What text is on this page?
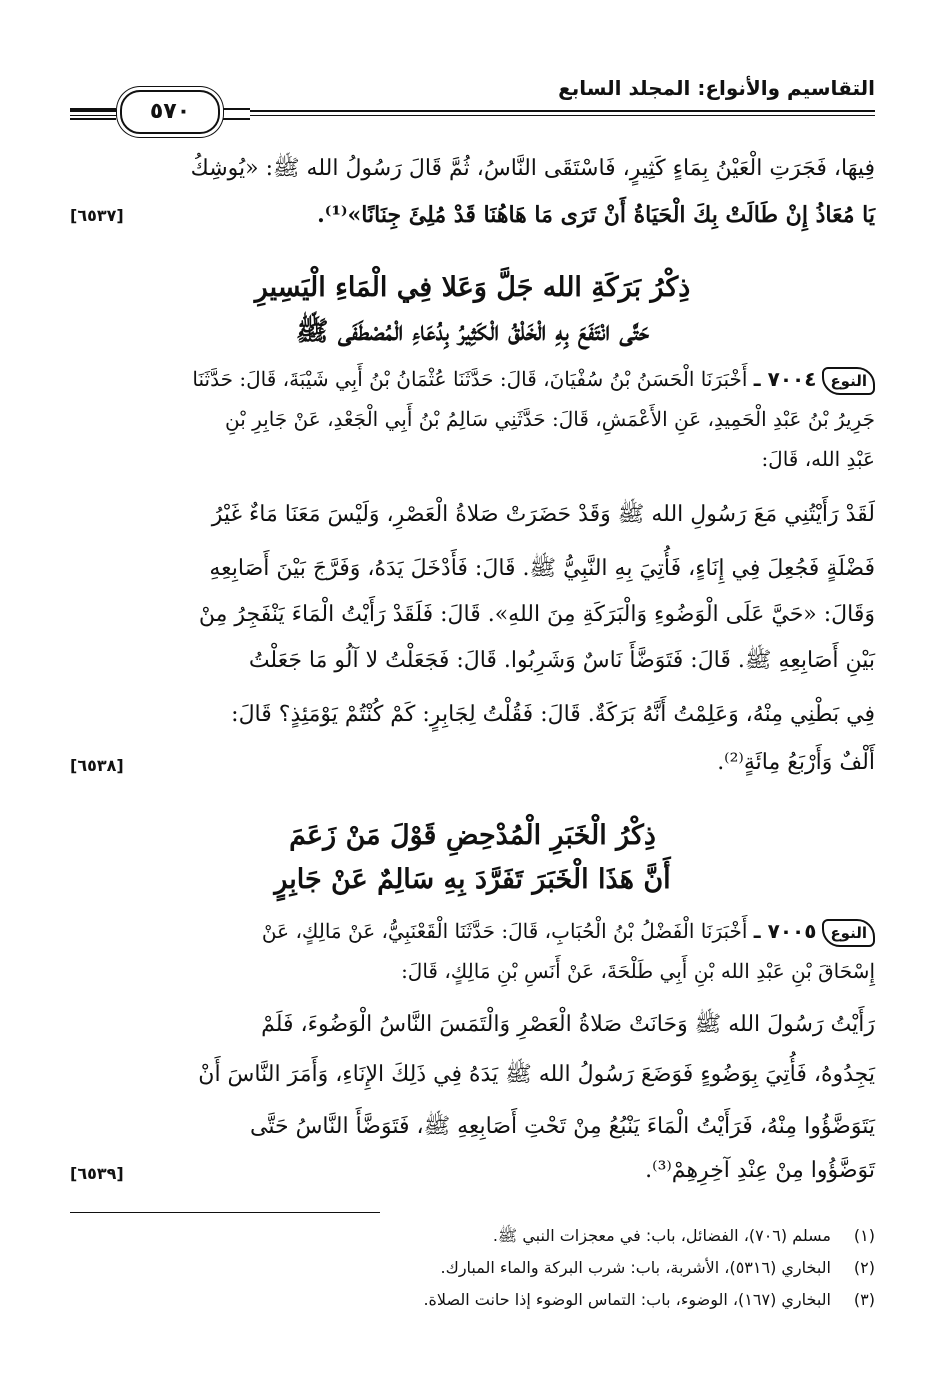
٥٧٠
التقاسيم والأنواع: المجلد السابع
فِيهَا، فَجَرَتِ الْعَيْنُ بِمَاءٍ كَثِيرٍ، فَاسْتَقَى النَّاسُ، ثُمَّ قَالَ رَسُولُ الله ﷺ: «يُوشِكُ
يَا مُعَاذُ إِنْ طَالَتْ بِكَ الْحَيَاةُ أَنْ تَرَى مَا هَاهُنَا قَدْ مُلِئَ جِنَانًا»⁽¹⁾.
[٦٥٣٧]
ذِكْرُ بَرَكَةِ الله جَلَّ وَعَلا فِي الْمَاءِ الْيَسِيرِ
حَتَّى انْتَفَعَ بِهِ الْخَلْقُ الْكَثِيرُ بِدُعَاءِ الْمُصْطَفَى ﷺ
النوع٧٠٠٤ ـ أَخْبَرَنَا الْحَسَنُ بْنُ سُفْيَانَ، قَالَ: حَدَّثَنَا عُثْمَانُ بْنُ أَبِي شَيْبَةَ، قَالَ: حَدَّثَنَا
جَرِيرُ بْنُ عَبْدِ الْحَمِيدِ، عَنِ الأَعْمَشِ، قَالَ: حَدَّثَنِي سَالِمُ بْنُ أَبِي الْجَعْدِ، عَنْ جَابِرِ بْنِ
عَبْدِ الله، قَالَ:
لَقَدْ رَأَيْتُنِي مَعَ رَسُولِ الله ﷺ وَقَدْ حَضَرَتْ صَلاةُ الْعَصْرِ، وَلَيْسَ مَعَنَا مَاءٌ غَيْرُ
فَضْلَةٍ فَجُعِلَ فِي إِنَاءٍ، فَأُتِيَ بِهِ النَّبِيُّ ﷺ. قَالَ: فَأَدْخَلَ يَدَهُ، وَفَرَّجَ بَيْنَ أَصَابِعِهِ
وَقَالَ: «حَيَّ عَلَى الْوَضُوءِ وَالْبَرَكَةِ مِنَ اللهِ». قَالَ: فَلَقَدْ رَأَيْتُ الْمَاءَ يَنْفَجِرُ مِنْ
بَيْنِ أَصَابِعِهِ ﷺ. قَالَ: فَتَوَضَّأَ نَاسٌ وَشَرِبُوا. قَالَ: فَجَعَلْتُ لا آلُو مَا جَعَلْتُ
فِي بَطْنِي مِنْهُ، وَعَلِمْتُ أَنَّهُ بَرَكَةٌ. قَالَ: فَقُلْتُ لِجَابِرٍ: كَمْ كُنْتُمْ يَوْمَئِذٍ؟ قَالَ:
أَلْفٌ وَأَرْبَعُ مِائَةٍ⁽²⁾.
[٦٥٣٨]
ذِكْرُ الْخَبَرِ الْمُدْحِضِ قَوْلَ مَنْ زَعَمَ
أَنَّ هَذَا الْخَبَرَ تَفَرَّدَ بِهِ سَالِمٌ عَنْ جَابِرٍ
النوع٧٠٠٥ ـ أَخْبَرَنَا الْفَضْلُ بْنُ الْحُبَابِ، قَالَ: حَدَّثَنَا الْقَعْنَبِيُّ، عَنْ مَالِكٍ، عَنْ
إِسْحَاقَ بْنِ عَبْدِ الله بْنِ أَبِي طَلْحَةَ، عَنْ أَنَسِ بْنِ مَالِكٍ، قَالَ:
رَأَيْتُ رَسُولَ الله ﷺ وَحَانَتْ صَلاةُ الْعَصْرِ وَالْتَمَسَ النَّاسُ الْوَضُوءَ، فَلَمْ
يَجِدُوهُ، فَأُتِيَ بِوَضُوءٍ فَوَضَعَ رَسُولُ الله ﷺ يَدَهُ فِي ذَلِكَ الإِنَاءِ، وَأَمَرَ النَّاسَ أَنْ
يَتَوَضَّؤُوا مِنْهُ، فَرَأَيْتُ الْمَاءَ يَنْبُعُ مِنْ تَحْتِ أَصَابِعِهِ ﷺ، فَتَوَضَّأَ النَّاسُ حَتَّى
تَوَضَّؤُوا مِنْ عِنْدِ آخِرِهِمْ⁽³⁾.
[٦٥٣٩]
(١)مسلم (٧٠٦)، الفضائل، باب: في معجزات النبي ﷺ.
(٢)البخاري (٥٣١٦)، الأشربة، باب: شرب البركة والماء المبارك.
(٣)البخاري (١٦٧)، الوضوء، باب: التماس الوضوء إذا حانت الصلاة.
